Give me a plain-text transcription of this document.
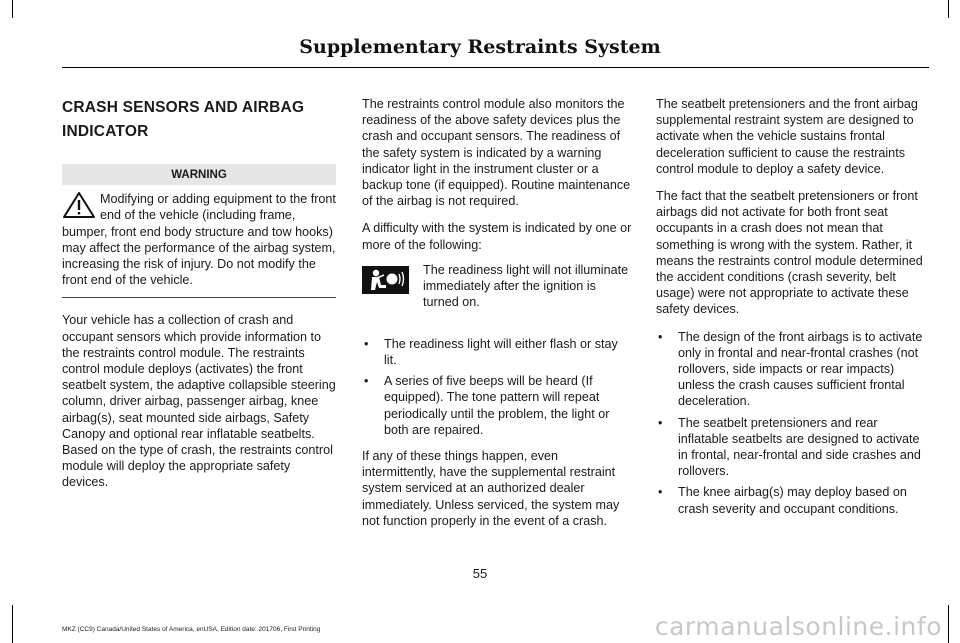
Supplementary Restraints System
CRASH SENSORS AND AIRBAG
INDICATOR
WARNING
Modifying or adding equipment to the front end of the vehicle (including frame, bumper, front end body structure and tow hooks) may affect the performance of the airbag system, increasing the risk of injury. Do not modify the front end of the vehicle.

Your vehicle has a collection of crash and occupant sensors which provide information to the restraints control module. The restraints control module deploys (activates) the front seatbelt system, the adaptive collapsible steering column, driver airbag, passenger airbag, knee airbag(s), seat mounted side airbags, Safety Canopy and optional rear inflatable seatbelts. Based on the type of crash, the restraints control module will deploy the appropriate safety devices.

The restraints control module also monitors the readiness of the above safety devices plus the crash and occupant sensors. The readiness of the safety system is indicated by a warning indicator light in the instrument cluster or a backup tone (if equipped). Routine maintenance of the airbag is not required.

A difficulty with the system is indicated by one or more of the following:

The readiness light will not illuminate immediately after the ignition is turned on.
• The readiness light will either flash or stay lit.
• A series of five beeps will be heard (If equipped). The tone pattern will repeat periodically until the problem, the light or both are repaired.

If any of these things happen, even intermittently, have the supplemental restraint system serviced at an authorized dealer immediately. Unless serviced, the system may not function properly in the event of a crash.

The seatbelt pretensioners and the front airbag supplemental restraint system are designed to activate when the vehicle sustains frontal deceleration sufficient to cause the restraints control module to deploy a safety device.

The fact that the seatbelt pretensioners or front airbags did not activate for both front seat occupants in a crash does not mean that something is wrong with the system. Rather, it means the restraints control module determined the accident conditions (crash severity, belt usage) were not appropriate to activate these safety devices.

• The design of the front airbags is to activate only in frontal and near-frontal crashes (not rollovers, side impacts or rear impacts) unless the crash causes sufficient frontal deceleration.
• The seatbelt pretensioners and rear inflatable seatbelts are designed to activate in frontal, near-frontal and side crashes and rollovers.
• The knee airbag(s) may deploy based on crash severity and occupant conditions.
55
MKZ (CC9) Canada/United States of America, enUSA, Edition date: 201706, First Printing	carmanualsonline.info
